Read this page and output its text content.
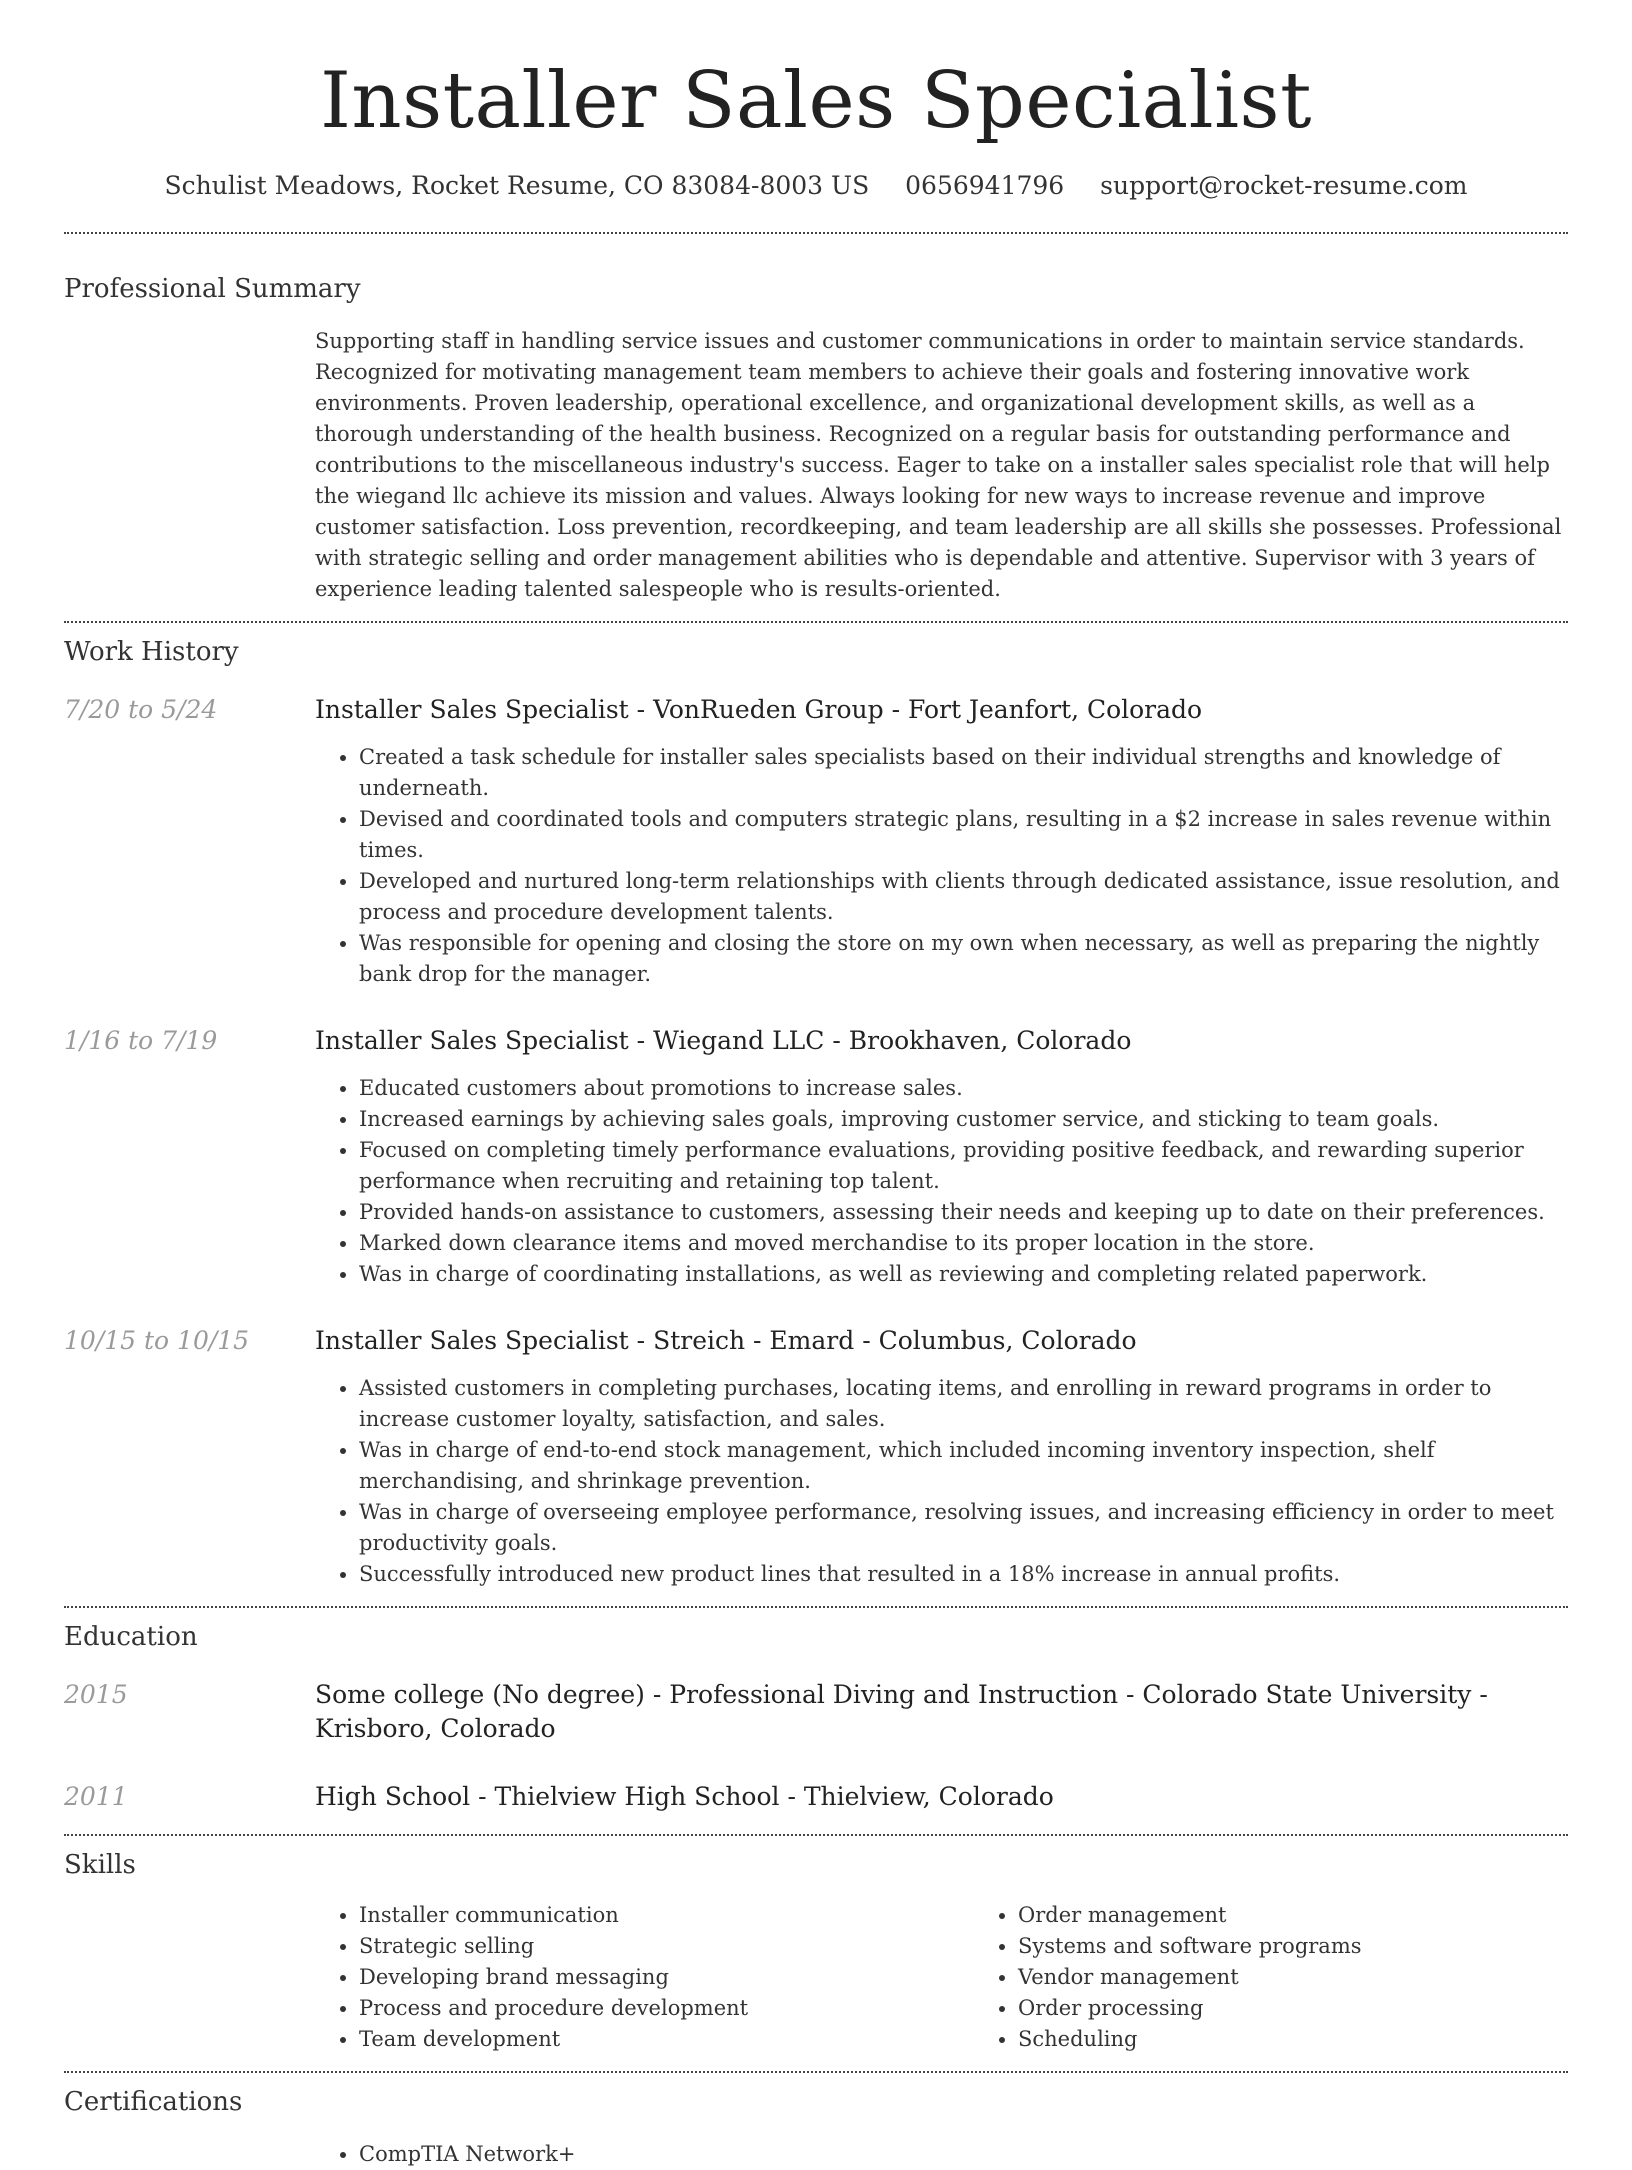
Installer Sales Specialist
Schulist Meadows, Rocket Resume, CO 83084-8003 US 0656941796 support@rocket-resume.com
Professional Summary

Supporting staff in handling service issues and customer communications in order to maintain service standards. Recognized for motivating management team members to achieve their goals and fostering innovative work environments. Proven leadership, operational excellence, and organizational development skills, as well as a thorough understanding of the health business. Recognized on a regular basis for outstanding performance and contributions to the miscellaneous industry's success. Eager to take on a installer sales specialist role that will help the wiegand llc achieve its mission and values. Always looking for new ways to increase revenue and improve customer satisfaction. Loss prevention, recordkeeping, and team leadership are all skills she possesses. Professional with strategic selling and order management abilities who is dependable and attentive. Supervisor with 3 years of experience leading talented salespeople who is results-oriented.

Work History
7/20 to 5/24	Installer Sales Specialist - VonRueden Group - Fort Jeanfort, Colorado
• Created a task schedule for installer sales specialists based on their individual strengths and knowledge of underneath.
• Devised and coordinated tools and computers strategic plans, resulting in a $2 increase in sales revenue within times.
• Developed and nurtured long-term relationships with clients through dedicated assistance, issue resolution, and process and procedure development talents.
• Was responsible for opening and closing the store on my own when necessary, as well as preparing the nightly bank drop for the manager.
1/16 to 7/19	Installer Sales Specialist - Wiegand LLC - Brookhaven, Colorado
• Educated customers about promotions to increase sales.
• Increased earnings by achieving sales goals, improving customer service, and sticking to team goals.
• Focused on completing timely performance evaluations, providing positive feedback, and rewarding superior performance when recruiting and retaining top talent.
• Provided hands-on assistance to customers, assessing their needs and keeping up to date on their preferences.
• Marked down clearance items and moved merchandise to its proper location in the store.
• Was in charge of coordinating installations, as well as reviewing and completing related paperwork.
10/15 to 10/15	Installer Sales Specialist - Streich - Emard - Columbus, Colorado
• Assisted customers in completing purchases, locating items, and enrolling in reward programs in order to increase customer loyalty, satisfaction, and sales.
• Was in charge of end-to-end stock management, which included incoming inventory inspection, shelf merchandising, and shrinkage prevention.
• Was in charge of overseeing employee performance, resolving issues, and increasing efficiency in order to meet productivity goals.
• Successfully introduced new product lines that resulted in a 18% increase in annual profits.
Education
2015	Some college (No degree) - Professional Diving and Instruction - Colorado State University - Krisboro, Colorado
2011	High School - Thielview High School - Thielview, Colorado
Skills
• Installer communication
• Strategic selling
• Developing brand messaging
• Process and procedure development
• Team development
• Order management
• Systems and software programs
• Vendor management
• Order processing
• Scheduling
Certifications
• CompTIA Network+
